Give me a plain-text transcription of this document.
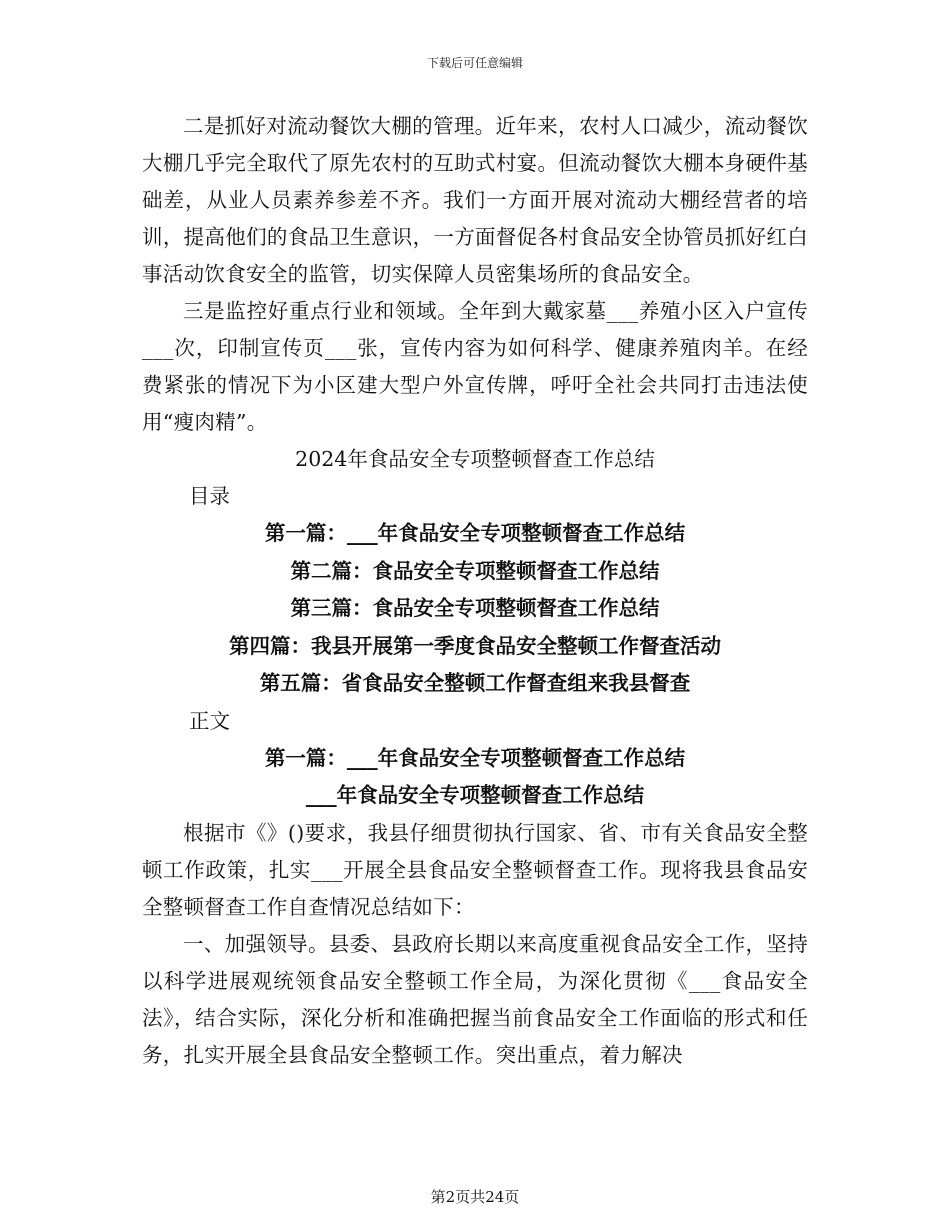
下载后可任意编辑

二是抓好对流动餐饮大棚的管理。近年来，农村人口减少，流动餐饮大棚几乎完全取代了原先农村的互助式村宴。但流动餐饮大棚本身硬件基础差，从业人员素养参差不齐。我们一方面开展对流动大棚经营者的培训，提高他们的食品卫生意识，一方面督促各村食品安全协管员抓好红白事活动饮食安全的监管，切实保障人员密集场所的食品安全。

三是监控好重点行业和领域。全年到大戴家墓___养殖小区入户宣传___次，印制宣传页___张，宣传内容为如何科学、健康养殖肉羊。在经费紧张的情况下为小区建大型户外宣传牌，呼吁全社会共同打击违法使用“瘦肉精”。

2024年食品安全专项整顿督查工作总结

目录

第一篇：___年食品安全专项整顿督查工作总结

第二篇：食品安全专项整顿督查工作总结

第三篇：食品安全专项整顿督查工作总结

第四篇：我县开展第一季度食品安全整顿工作督查活动

第五篇：省食品安全整顿工作督查组来我县督查

正文

第一篇：___年食品安全专项整顿督查工作总结

___年食品安全专项整顿督查工作总结

根据市《》()要求，我县仔细贯彻执行国家、省、市有关食品安全整顿工作政策，扎实___开展全县食品安全整顿督查工作。现将我县食品安全整顿督查工作自查情况总结如下：

一、加强领导。县委、县政府长期以来高度重视食品安全工作，坚持以科学进展观统领食品安全整顿工作全局，为深化贯彻《___食品安全法》，结合实际，深化分析和准确把握当前食品安全工作面临的形式和任务，扎实开展全县食品安全整顿工作。突出重点，着力解决

第2页共24页
